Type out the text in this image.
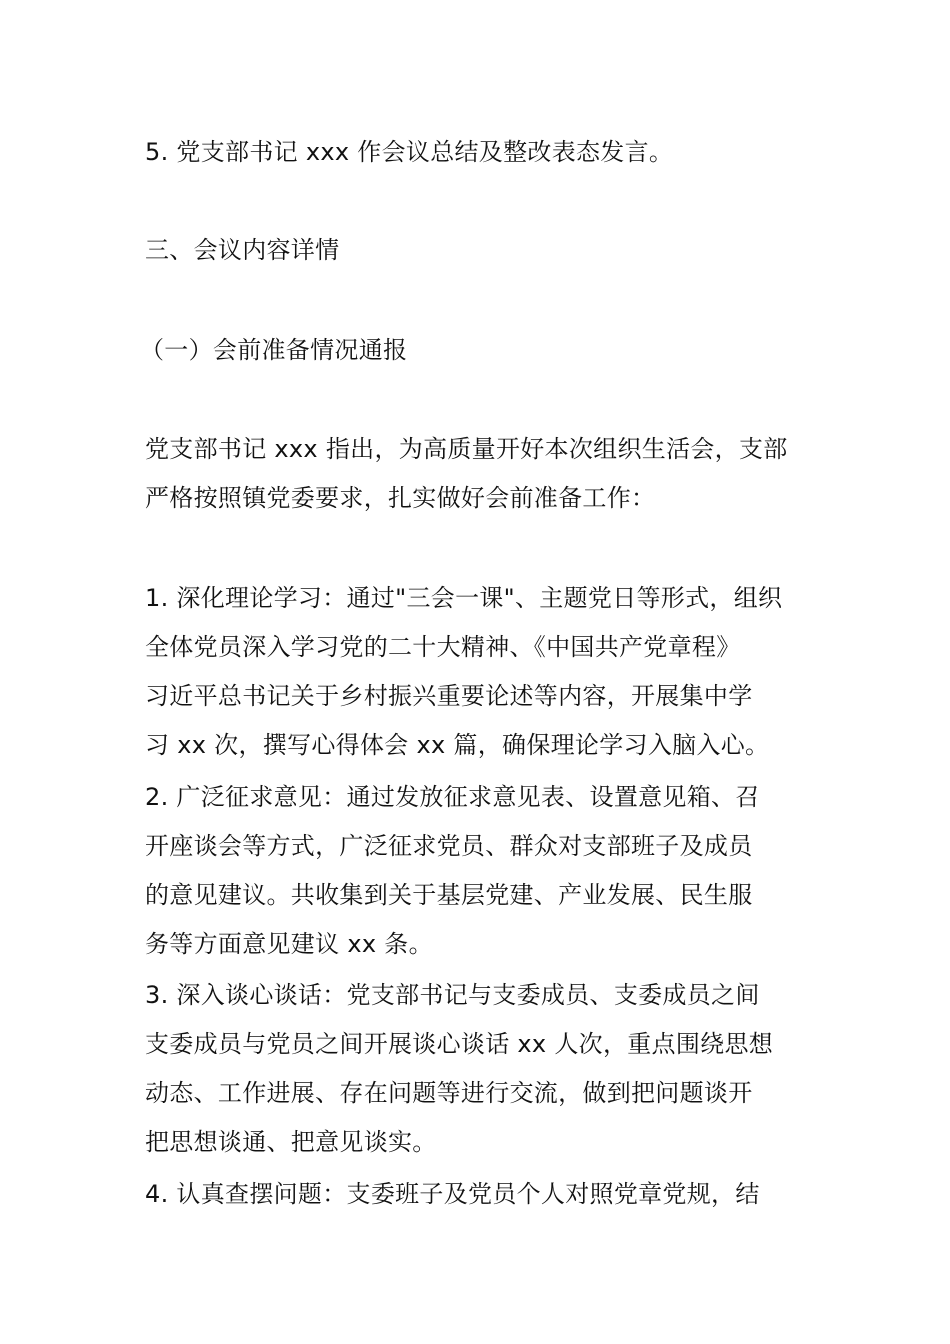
5. 党支部书记 xxx 作会议总结及整改表态发言。

三、会议内容详情

（一）会前准备情况通报

党支部书记 xxx 指出，为高质量开好本次组织生活会，支部
严格按照镇党委要求，扎实做好会前准备工作：

1. 深化理论学习：通过"三会一课"、主题党日等形式，组织
全体党员深入学习党的二十大精神、《中国共产党章程》
习近平总书记关于乡村振兴重要论述等内容，开展集中学
习 xx 次，撰写心得体会 xx 篇，确保理论学习入脑入心。

2. 广泛征求意见：通过发放征求意见表、设置意见箱、召
开座谈会等方式，广泛征求党员、群众对支部班子及成员
的意见建议。共收集到关于基层党建、产业发展、民生服
务等方面意见建议 xx 条。

3. 深入谈心谈话：党支部书记与支委成员、支委成员之间
支委成员与党员之间开展谈心谈话 xx 人次，重点围绕思想
动态、工作进展、存在问题等进行交流，做到把问题谈开
把思想谈通、把意见谈实。

4. 认真查摆问题：支委班子及党员个人对照党章党规，结
